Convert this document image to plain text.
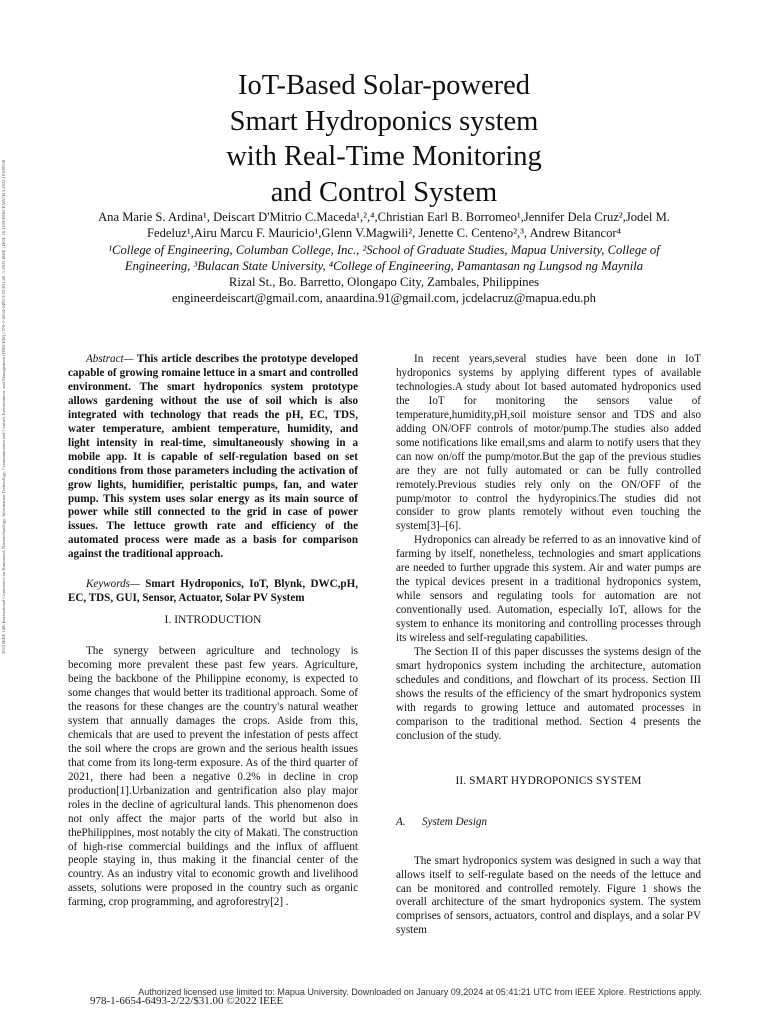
2022 IEEE 14th International Conference on Humanoid, Nanotechnology, Information Technology, Communication and Control, Environment, and Management (HNICEM) | 978-1-6654-6493-2/22/$31.00 ©2022 IEEE | DOI: 10.1109/HNICEM57413.2022.10109558
IoT-Based Solar-powered
Smart Hydroponics system
with Real-Time Monitoring
and Control System
Ana Marie S. Ardina¹, Deiscart D'Mitrio C.Maceda¹,²,⁴,Christian Earl B. Borromeo¹,Jennifer Dela Cruz²,Jodel M.
Fedeluz¹,Airu Marcu F. Mauricio¹,Glenn V.Magwili², Jenette C. Centeno²,³, Andrew Bitancor⁴
¹College of Engineering, Columban College, Inc., ²School of Graduate Studies, Mapua University, College of
Engineering, ³Bulacan State University, ⁴College of Engineering, Pamantasan ng Lungsod ng Maynila
Rizal St., Bo. Barretto, Olongapo City, Zambales, Philippines
engineerdeiscart@gmail.com, anaardina.91@gmail.com, jcdelacruz@mapua.edu.ph

Abstract— This article describes the prototype developed capable of growing romaine lettuce in a smart and controlled environment. The smart hydroponics system prototype allows gardening without the use of soil which is also integrated with technology that reads the pH, EC, TDS, water temperature, ambient temperature, humidity, and light intensity in real-time, simultaneously showing in a mobile app. It is capable of self-regulation based on set conditions from those parameters including the activation of grow lights, humidifier, peristaltic pumps, fan, and water pump. This system uses solar energy as its main source of power while still connected to the grid in case of power issues. The lettuce growth rate and efficiency of the automated process were made as a basis for comparison against the traditional approach.

Keywords— Smart Hydroponics, IoT, Blynk, DWC,pH, EC, TDS, GUI, Sensor, Actuator, Solar PV System

I. INTRODUCTION

The synergy between agriculture and technology is becoming more prevalent these past few years. Agriculture, being the backbone of the Philippine economy, is expected to some changes that would better its traditional approach. Some of the reasons for these changes are the country's natural weather system that annually damages the crops. Aside from this, chemicals that are used to prevent the infestation of pests affect the soil where the crops are grown and the serious health issues that come from its long-term exposure. As of the third quarter of 2021, there had been a negative 0.2% in decline in crop production[1].Urbanization and gentrification also play major roles in the decline of agricultural lands. This phenomenon does not only affect the major parts of the world but also in thePhilippines, most notably the city of Makati. The construction of high-rise commercial buildings and the influx of affluent people staying in, thus making it the financial center of the country. As an industry vital to economic growth and livelihood assets, solutions were proposed in the country such as organic farming, crop programming, and agroforestry[2] .

In recent years,several studies have been done in IoT hydroponics systems by applying different types of available technologies.A study about Iot based automated hydroponics used the IoT for monitoring the sensors value of temperature,humidity,pH,soil moisture sensor and TDS and also adding ON/OFF controls of motor/pump.The studies also added some notifications like email,sms and alarm to notify users that they can now on/off the pump/motor.But the gap of the previous studies are they are not fully automated or can be fully controlled remotely.Previous studies rely only on the ON/OFF of the pump/motor to control the hydyropinics.The studies did not consider to grow plants remotely without even touching the system[3]–[6].

Hydroponics can already be referred to as an innovative kind of farming by itself, nonetheless, technologies and smart applications are needed to further upgrade this system. Air and water pumps are the typical devices present in a traditional hydroponics system, while sensors and regulating tools for automation are not conventionally used. Automation, especially IoT, allows for the system to enhance its monitoring and controlling processes through its wireless and self-regulating capabilities.

The Section II of this paper discusses the systems design of the smart hydroponics system including the architecture, automation schedules and conditions, and flowchart of its process. Section III shows the results of the efficiency of the smart hydroponics system with regards to growing lettuce and automated processes in comparison to the traditional method. Section 4 presents the conclusion of the study.

II. SMART HYDROPONICS SYSTEM

A. System Design

The smart hydroponics system was designed in such a way that allows itself to self-regulate based on the needs of the lettuce and can be monitored and controlled remotely. Figure 1 shows the overall architecture of the smart hydroponics system. The system comprises of sensors, actuators, control and displays, and a solar PV system

978-1-6654-6493-2/22/$31.00 ©2022 IEEE
Authorized licensed use limited to: Mapua University. Downloaded on January 09,2024 at 05:41:21 UTC from IEEE Xplore. Restrictions apply.
